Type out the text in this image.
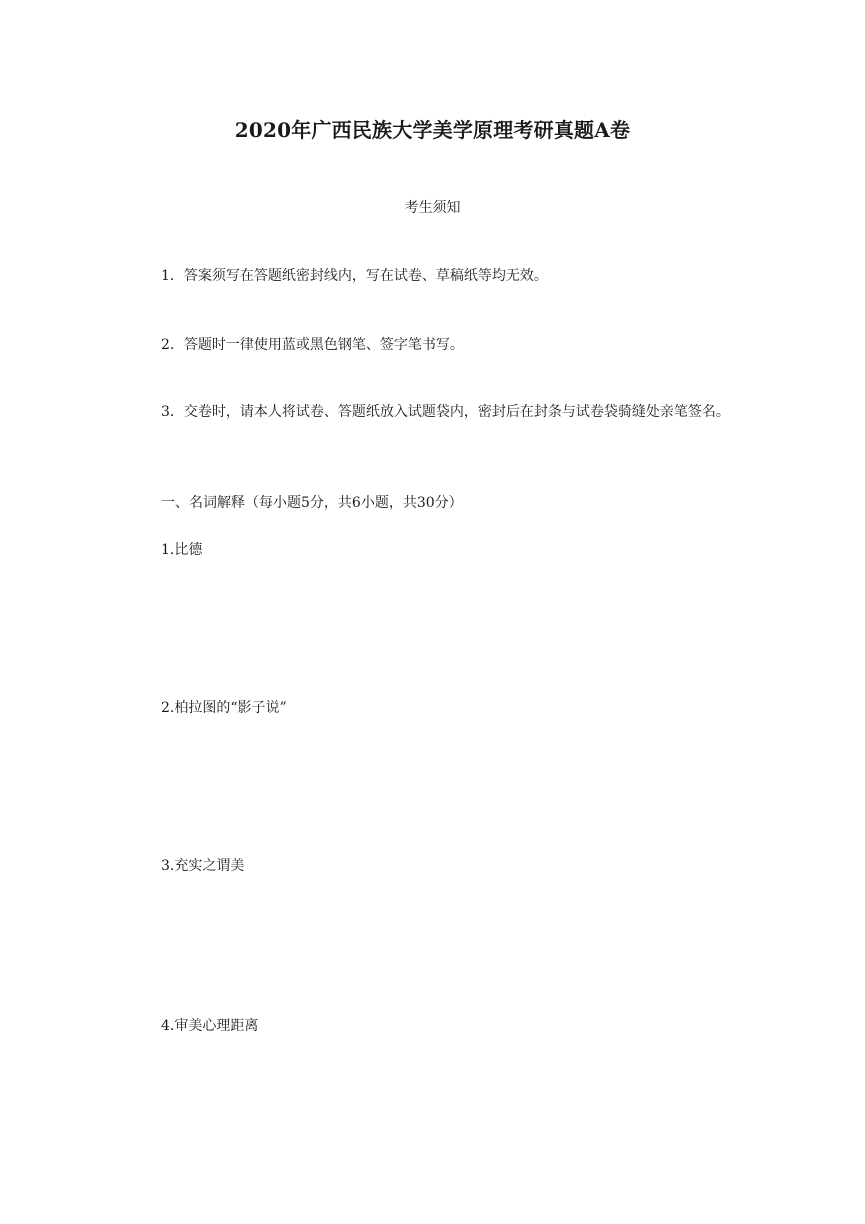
2020年广西民族大学美学原理考研真题A卷
考生须知

1．答案须写在答题纸密封线内，写在试卷、草稿纸等均无效。

2．答题时一律使用蓝或黑色钢笔、签字笔书写。

3．交卷时，请本人将试卷、答题纸放入试题袋内，密封后在封条与试卷袋骑缝处亲笔签名。

一、名词解释（每小题5分，共6小题，共30分）
1.比德
2.柏拉图的“影子说”
3.充实之谓美
4.审美心理距离
